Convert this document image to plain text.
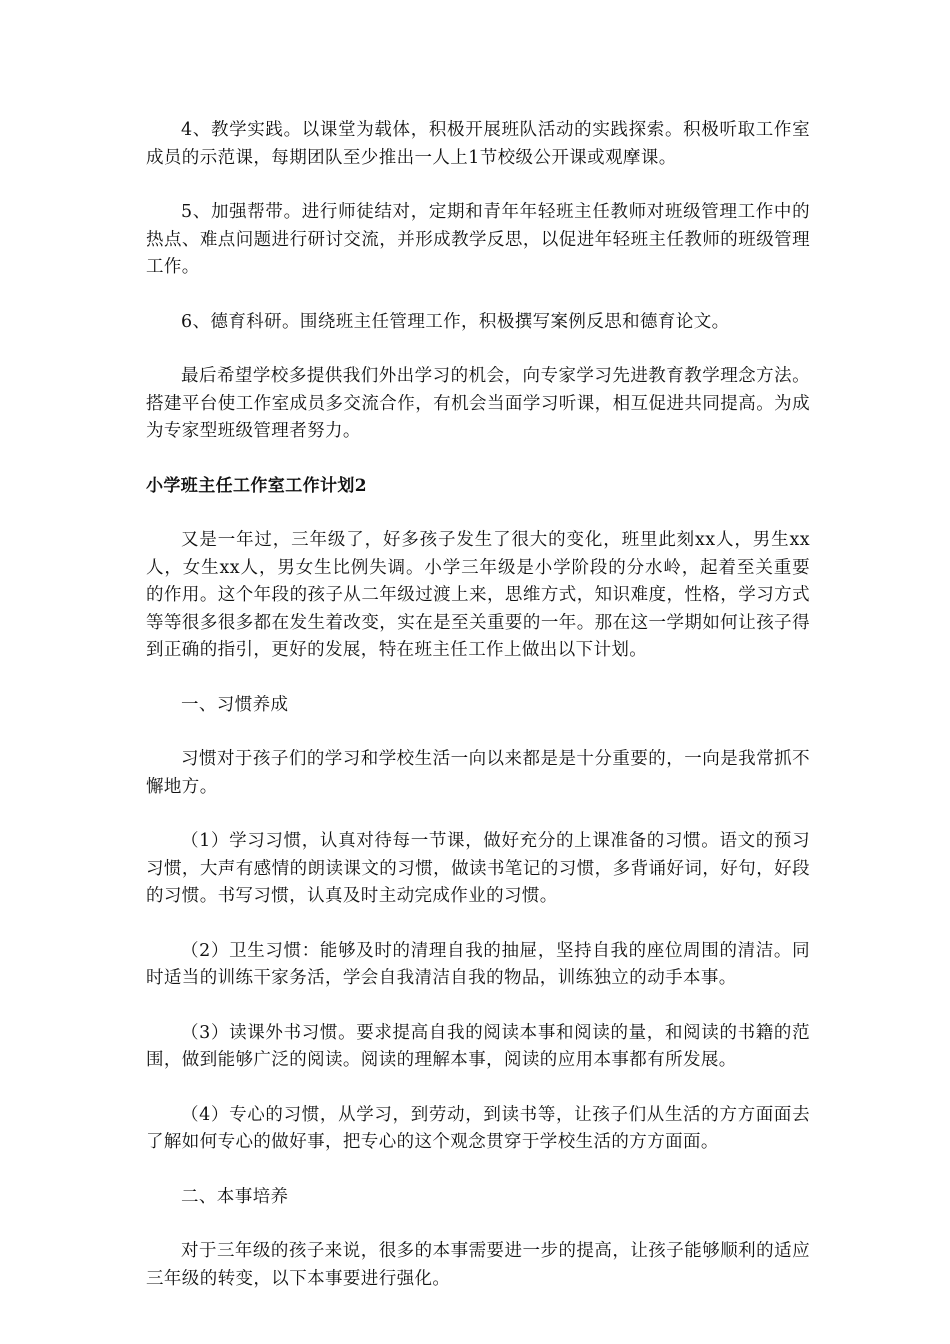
4、教学实践。以课堂为载体，积极开展班队活动的实践探索。积极听取工作室成员的示范课，每期团队至少推出一人上1节校级公开课或观摩课。

5、加强帮带。进行师徒结对，定期和青年年轻班主任教师对班级管理工作中的热点、难点问题进行研讨交流，并形成教学反思，以促进年轻班主任教师的班级管理工作。

6、德育科研。围绕班主任管理工作，积极撰写案例反思和德育论文。

最后希望学校多提供我们外出学习的机会，向专家学习先进教育教学理念方法。搭建平台使工作室成员多交流合作，有机会当面学习听课，相互促进共同提高。为成为专家型班级管理者努力。

小学班主任工作室工作计划2

又是一年过，三年级了，好多孩子发生了很大的变化，班里此刻xx人，男生xx人，女生xx人，男女生比例失调。小学三年级是小学阶段的分水岭，起着至关重要的作用。这个年段的孩子从二年级过渡上来，思维方式，知识难度，性格，学习方式等等很多很多都在发生着改变，实在是至关重要的一年。那在这一学期如何让孩子得到正确的指引，更好的发展，特在班主任工作上做出以下计划。

一、习惯养成

习惯对于孩子们的学习和学校生活一向以来都是是十分重要的，一向是我常抓不懈地方。

（1）学习习惯，认真对待每一节课，做好充分的上课准备的习惯。语文的预习习惯，大声有感情的朗读课文的习惯，做读书笔记的习惯，多背诵好词，好句，好段的习惯。书写习惯，认真及时主动完成作业的习惯。

（2）卫生习惯：能够及时的清理自我的抽屉，坚持自我的座位周围的清洁。同时适当的训练干家务活，学会自我清洁自我的物品，训练独立的动手本事。

（3）读课外书习惯。要求提高自我的阅读本事和阅读的量，和阅读的书籍的范围，做到能够广泛的阅读。阅读的理解本事，阅读的应用本事都有所发展。

（4）专心的习惯，从学习，到劳动，到读书等，让孩子们从生活的方方面面去了解如何专心的做好事，把专心的这个观念贯穿于学校生活的方方面面。

二、本事培养

对于三年级的孩子来说，很多的本事需要进一步的提高，让孩子能够顺利的适应三年级的转变，以下本事要进行强化。
